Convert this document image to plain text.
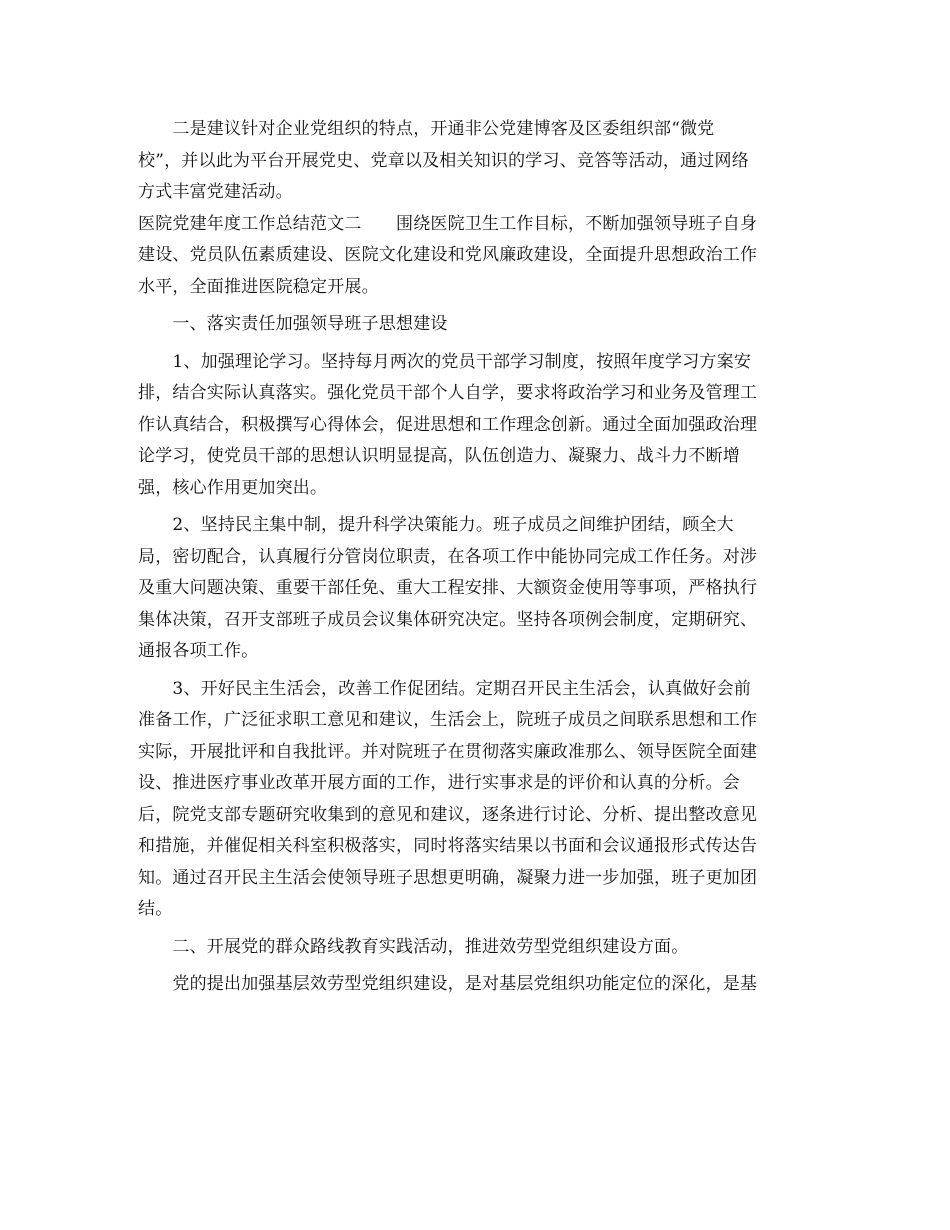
　　二是建议针对企业党组织的特点，开通非公党建博客及区委组织部“微党
校”，并以此为平台开展党史、党章以及相关知识的学习、竞答等活动，通过网络
方式丰富党建活动。
医院党建年度工作总结范文二　　围绕医院卫生工作目标，不断加强领导班子自身
建设、党员队伍素质建设、医院文化建设和党风廉政建设，全面提升思想政治工作
水平，全面推进医院稳定开展。
　　一、落实责任加强领导班子思想建设
　　1、加强理论学习。坚持每月两次的党员干部学习制度，按照年度学习方案安
排，结合实际认真落实。强化党员干部个人自学，要求将政治学习和业务及管理工
作认真结合，积极撰写心得体会，促进思想和工作理念创新。通过全面加强政治理
论学习，使党员干部的思想认识明显提高，队伍创造力、凝聚力、战斗力不断增
强，核心作用更加突出。
　　2、坚持民主集中制，提升科学决策能力。班子成员之间维护团结，顾全大
局，密切配合，认真履行分管岗位职责，在各项工作中能协同完成工作任务。对涉
及重大问题决策、重要干部任免、重大工程安排、大额资金使用等事项，严格执行
集体决策，召开支部班子成员会议集体研究决定。坚持各项例会制度，定期研究、
通报各项工作。
　　3、开好民主生活会，改善工作促团结。定期召开民主生活会，认真做好会前
准备工作，广泛征求职工意见和建议，生活会上，院班子成员之间联系思想和工作
实际，开展批评和自我批评。并对院班子在贯彻落实廉政准那么、领导医院全面建
设、推进医疗事业改革开展方面的工作，进行实事求是的评价和认真的分析。会
后，院党支部专题研究收集到的意见和建议，逐条进行讨论、分析、提出整改意见
和措施，并催促相关科室积极落实，同时将落实结果以书面和会议通报形式传达告
知。通过召开民主生活会使领导班子思想更明确，凝聚力进一步加强，班子更加团
结。
　　二、开展党的群众路线教育实践活动，推进效劳型党组织建设方面。
　　党的提出加强基层效劳型党组织建设，是对基层党组织功能定位的深化，是基
